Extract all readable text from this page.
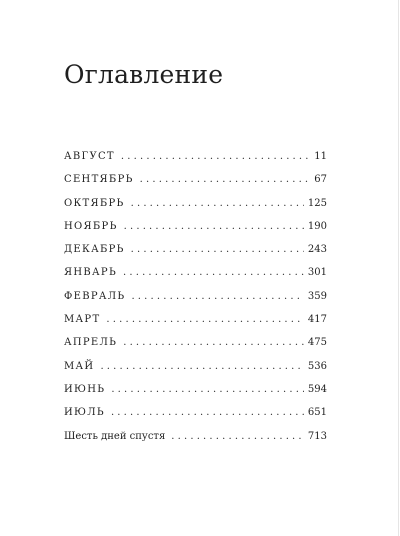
Оглавление
АВГУСТ . . .	11
СЕНТЯБРЬ . . .	67
ОКТЯБРЬ . . .	125
НОЯБРЬ . . .	190
ДЕКАБРЬ . . .	243
ЯНВАРЬ . . .	301
ФЕВРАЛЬ . . .	359
МАРТ . . .	417
АПРЕЛЬ . . .	475
МАЙ . . .	536
ИЮНЬ . . .	594
ИЮЛЬ . . .	651
Шесть дней спустя . . .	713
